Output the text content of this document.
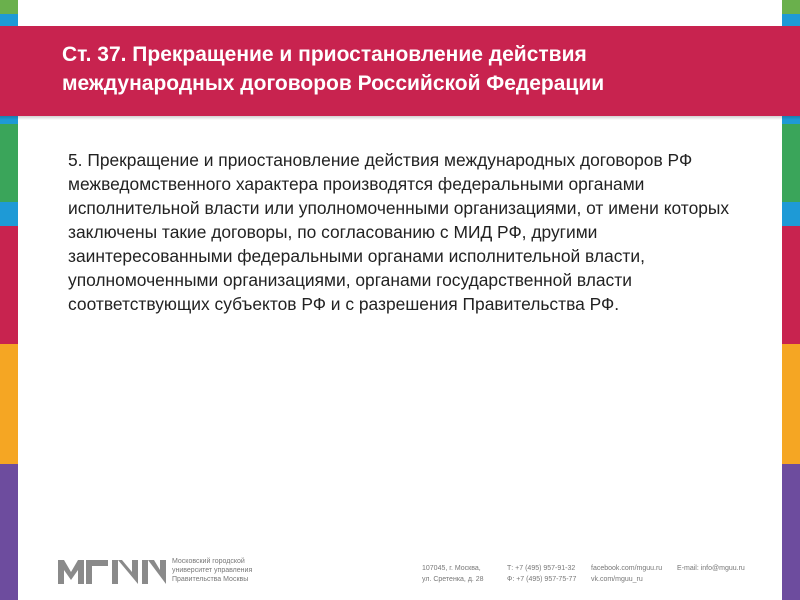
Ст. 37. Прекращение и приостановление действия
международных договоров Российской Федерации

5. Прекращение и приостановление действия международных договоров РФ межведомственного характера производятся федеральными органами исполнительной власти или уполномоченными организациями, от имени которых заключены такие договоры, по согласованию с МИД РФ, другими заинтересованными федеральными органами исполнительной власти, уполномоченными организациями, органами государственной власти соответствующих субъектов РФ и с разрешения Правительства РФ.

Московский городской
университет управления
Правительства Москвы
107045, г. Москва,
ул. Сретенка, д. 28
Т: +7 (495) 957-91-32
Ф: +7 (495) 957-75-77
facebook.com/mguu.ru
vk.com/mguu_ru
E-mail: info@mguu.ru
